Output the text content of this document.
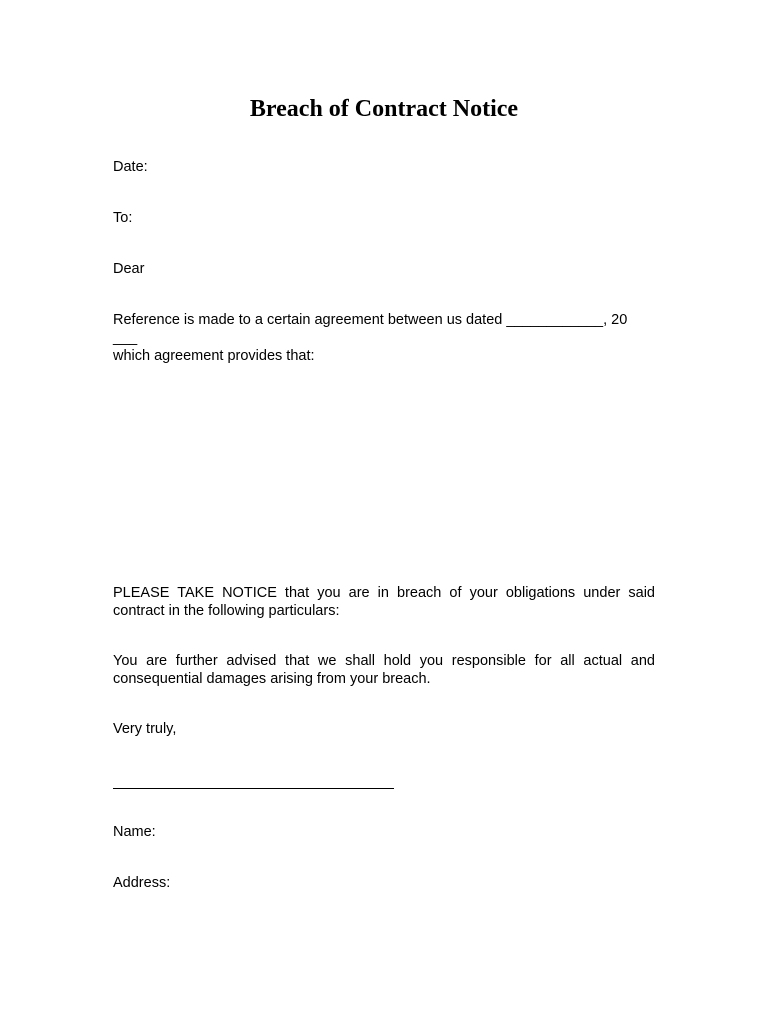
Breach of Contract Notice

Date:

To:

Dear

Reference is made to a certain agreement between us dated ____________, 20 ___
which agreement provides that:

PLEASE TAKE NOTICE that you are in breach of your obligations under said contract in the following particulars:

You are further advised that we shall hold you responsible for all actual and consequential damages arising from your breach.

Very truly,

Name:

Address:
